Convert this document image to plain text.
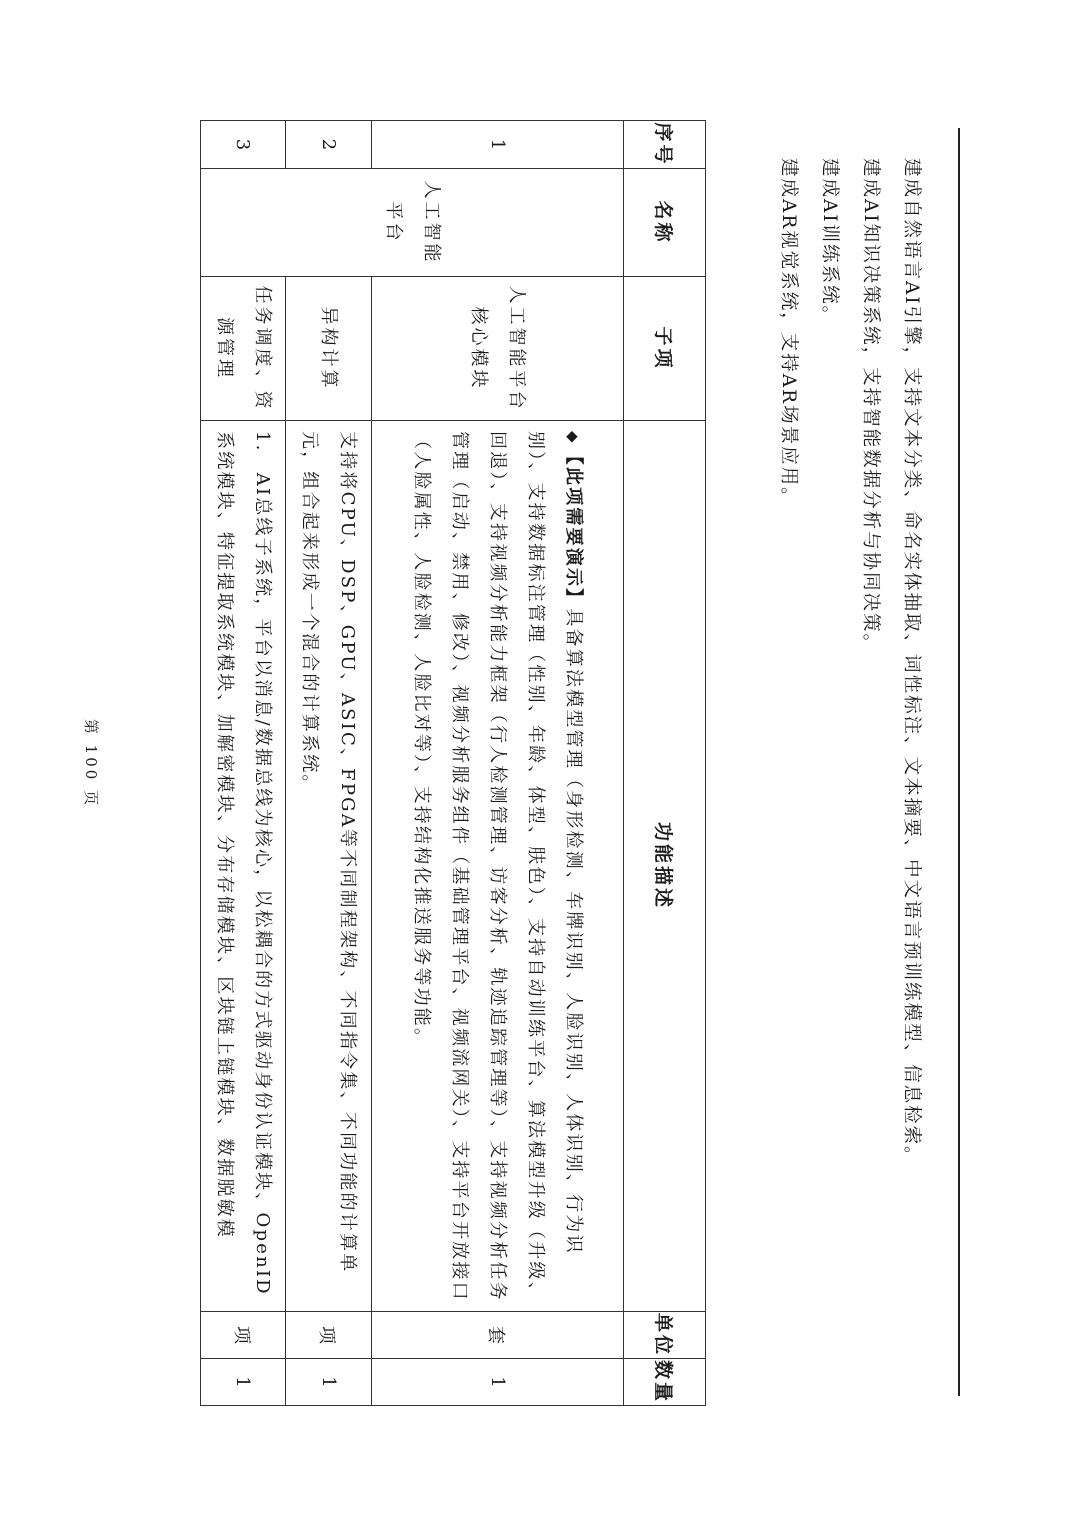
建成自然语言AI引擎，支持文本分类、命名实体抽取、词性标注、文本摘要、中文语言预训练模型、信息检索。
建成AI知识决策系统，支持智能数据分析与协同决策。
建成AI训练系统。
建成AR视觉系统，支持AR场景应用。
序号	名称	子项	功能描述	单位	数量
1	人工智能平台	人工智能平台核心模块	◆【此项需要演示】具备算法模型管理（身形检测、车牌识别、人脸识别、人体识别、行为识别）、支持数据标注管理（性别、年龄、体型、肤色）、支持自动训练平台、算法模型升级（升级、回退）、支持视频分析能力框架（行人检测管理、访客分析、轨迹追踪管理等）、支持视频分析任务管理（启动、禁用、修改）、视频分析服务组件（基础管理平台、视频流网关）、支持平台开放接口（人脸属性、人脸检测、人脸比对等）、支持结构化推送服务等功能。	套	1
2		异构计算	支持将CPU、DSP、GPU、ASIC、FPGA等不同制程架构、不同指令集、不同功能的计算单元，组合起来形成一个混合的计算系统。	项	1
3		任务调度、资源管理	1.　AI总线子系统，平台以消息/数据总线为核心，以松耦合的方式驱动身份认证模块、OpenID系统模块、特征提取系统模块、加解密模块、分布存储模块、区块链上链模块、数据脱敏模	项	1
第 100 页
